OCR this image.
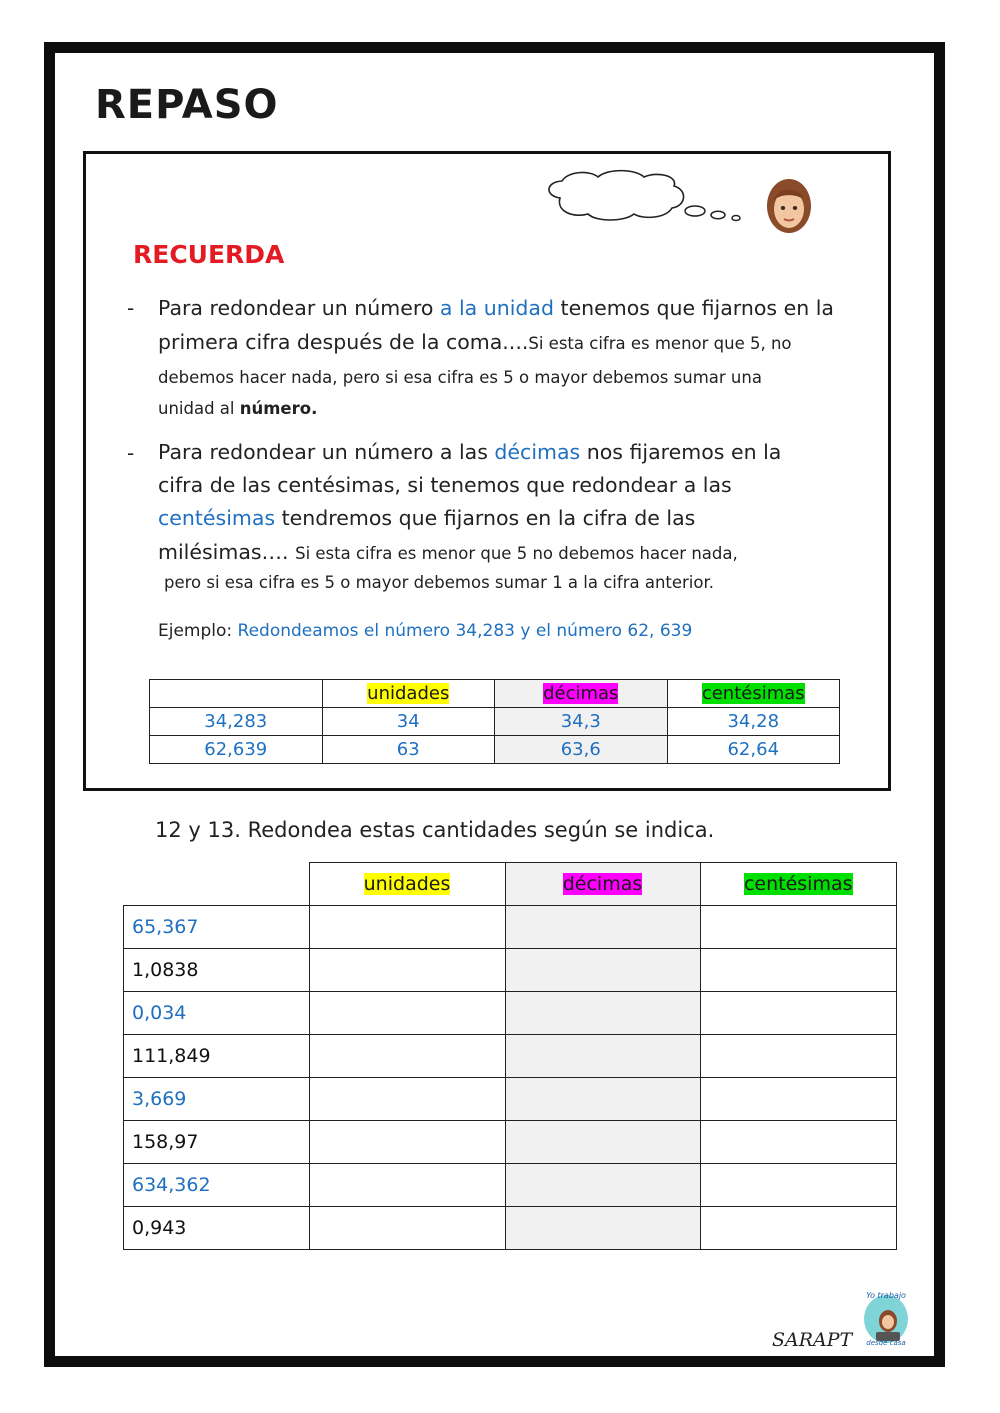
REPASO
RECUERDA
- Para redondear un número a la unidad tenemos que fijarnos en la
primera cifra después de la coma....Si esta cifra es menor que 5, no
debemos hacer nada, pero si esa cifra es 5 o mayor debemos sumar una
unidad al número.
- Para redondear un número a las décimas nos fijaremos en la
cifra de las centésimas, si tenemos que redondear a las
centésimas tendremos que fijarnos en la cifra de las
milésimas…. Si esta cifra es menor que 5 no debemos hacer nada,
pero si esa cifra es 5 o mayor debemos sumar 1 a la cifra anterior.
Ejemplo: Redondeamos el número 34,283 y el número 62, 639
	unidades	décimas	centésimas
34,283	34	34,3	34,28
62,639	63	63,6	62,64
12 y 13. Redondea estas cantidades según se indica.
	unidades	décimas	centésimas
65,367			
1,0838			
0,034			
111,849			
3,669			
158,97			
634,362			
0,943			
SARAPT
Yo trabajo
desde casa
